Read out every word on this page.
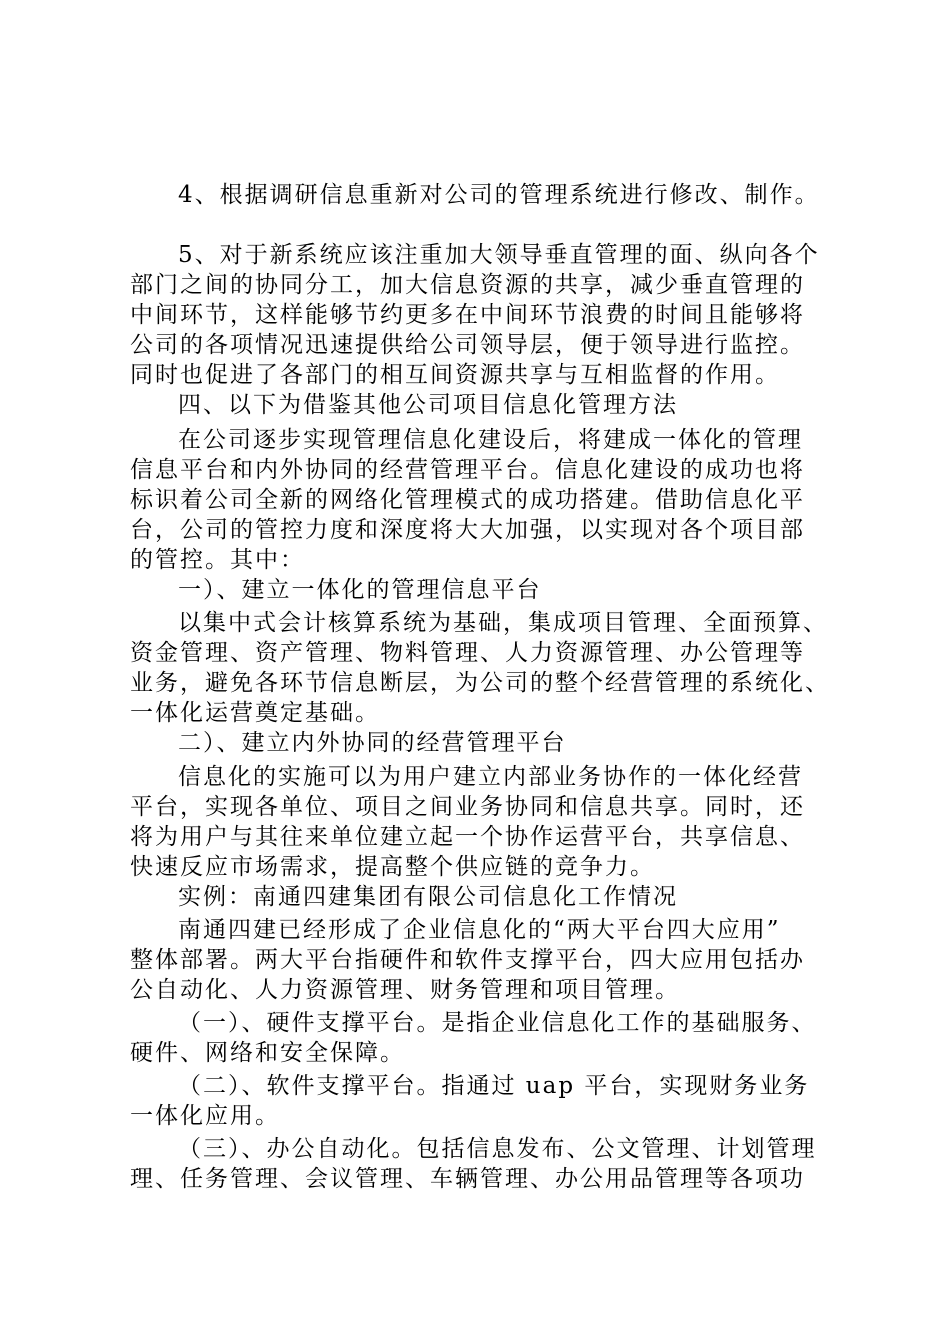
4、根据调研信息重新对公司的管理系统进行修改、制作。
5、对于新系统应该注重加大领导垂直管理的面、纵向各个
部门之间的协同分工，加大信息资源的共享，减少垂直管理的
中间环节，这样能够节约更多在中间环节浪费的时间且能够将
公司的各项情况迅速提供给公司领导层，便于领导进行监控。
同时也促进了各部门的相互间资源共享与互相监督的作用。
四、以下为借鉴其他公司项目信息化管理方法
在公司逐步实现管理信息化建设后，将建成一体化的管理
信息平台和内外协同的经营管理平台。信息化建设的成功也将
标识着公司全新的网络化管理模式的成功搭建。借助信息化平
台，公司的管控力度和深度将大大加强，以实现对各个项目部
的管控。其中：
一）、建立一体化的管理信息平台
以集中式会计核算系统为基础，集成项目管理、全面预算、
资金管理、资产管理、物料管理、人力资源管理、办公管理等
业务，避免各环节信息断层，为公司的整个经营管理的系统化、
一体化运营奠定基础。
二）、建立内外协同的经营管理平台
信息化的实施可以为用户建立内部业务协作的一体化经营
平台，实现各单位、项目之间业务协同和信息共享。同时，还
将为用户与其往来单位建立起一个协作运营平台，共享信息、
快速反应市场需求，提高整个供应链的竞争力。
实例：南通四建集团有限公司信息化工作情况
南通四建已经形成了企业信息化的“两大平台四大应用”
整体部署。两大平台指硬件和软件支撑平台，四大应用包括办
公自动化、人力资源管理、财务管理和项目管理。
（一）、硬件支撑平台。是指企业信息化工作的基础服务、
硬件、网络和安全保障。
（二）、软件支撑平台。指通过 uap 平台，实现财务业务
一体化应用。
（三）、办公自动化。包括信息发布、公文管理、计划管理
理、任务管理、会议管理、车辆管理、办公用品管理等各项功
